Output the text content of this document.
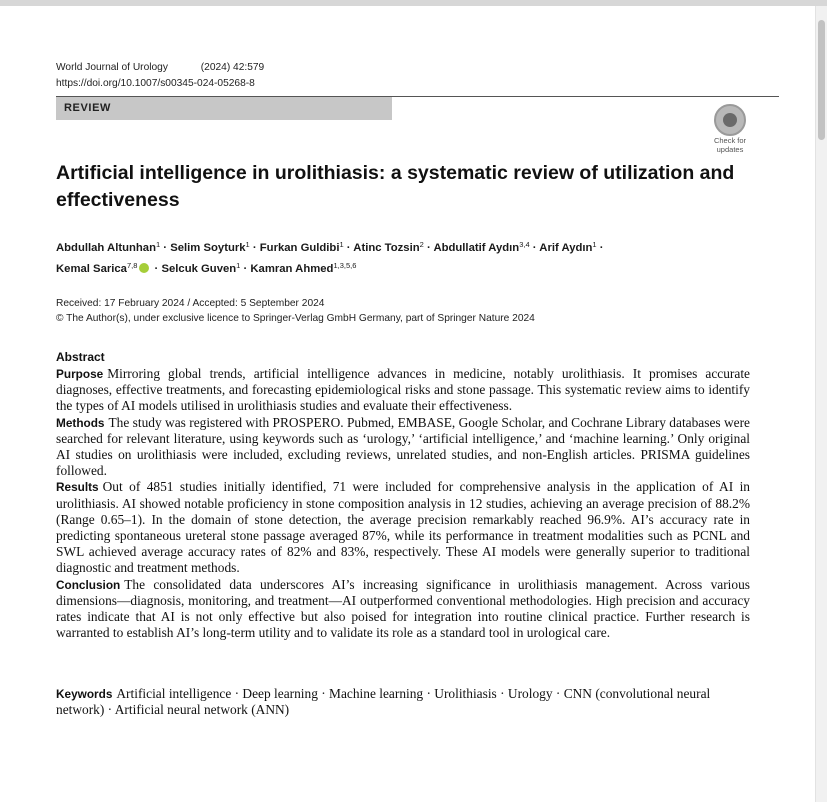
World Journal of Urology	(2024) 42:579
https://doi.org/10.1007/s00345-024-05268-8
REVIEW
Check for
updates
Artificial intelligence in urolithiasis: a systematic review of utilization and effectiveness
Abdullah Altunhan$^1$ · Selim Soyturk$^1$ · Furkan Guldibi$^1$ · Atinc Tozsin$^2$ · Abdullatif Aydın$^{3,4}$ · Arif Aydın$^1$ ·
Kemal Sarica$^{7,8}$ · Selcuk Guven$^1$ · Kamran Ahmed$^{1,3,5,6}$
Received: 17 February 2024 / Accepted: 5 September 2024
© The Author(s), under exclusive licence to Springer-Verlag GmbH Germany, part of Springer Nature 2024
Abstract
Purpose Mirroring global trends, artificial intelligence advances in medicine, notably urolithiasis. It promises accurate diagnoses, effective treatments, and forecasting epidemiological risks and stone passage. This systematic review aims to identify the types of AI models utilised in urolithiasis studies and evaluate their effectiveness.
Methods The study was registered with PROSPERO. Pubmed, EMBASE, Google Scholar, and Cochrane Library databases were searched for relevant literature, using keywords such as ‘urology,’ ‘artificial intelligence,’ and ‘machine learning.’ Only original AI studies on urolithiasis were included, excluding reviews, unrelated studies, and non-English articles. PRISMA guidelines followed.
Results Out of 4851 studies initially identified, 71 were included for comprehensive analysis in the application of AI in urolithiasis. AI showed notable proficiency in stone composition analysis in 12 studies, achieving an average precision of 88.2% (Range 0.65–1). In the domain of stone detection, the average precision remarkably reached 96.9%. AI’s accuracy rate in predicting spontaneous ureteral stone passage averaged 87%, while its performance in treatment modalities such as PCNL and SWL achieved average accuracy rates of 82% and 83%, respectively. These AI models were generally superior to traditional diagnostic and treatment methods.
Conclusion The consolidated data underscores AI’s increasing significance in urolithiasis management. Across various dimensions—diagnosis, monitoring, and treatment—AI outperformed conventional methodologies. High precision and accuracy rates indicate that AI is not only effective but also poised for integration into routine clinical practice. Further research is warranted to establish AI’s long-term utility and to validate its role as a standard tool in urological care.
Keywords Artificial intelligence · Deep learning · Machine learning · Urolithiasis · Urology · CNN (convolutional neural network) · Artificial neural network (ANN)
